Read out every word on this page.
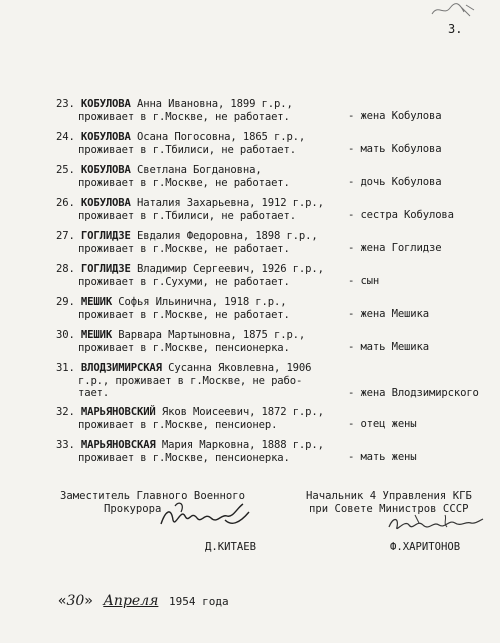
3.
23. КОБУЛОВА Анна Ивановна, 1899 г.р.,
проживает в г.Москве, не работает.	- жена Кобулова
24. КОБУЛОВА Осана Погосовна, 1865 г.р.,
проживает в г.Тбилиси, не работает.	- мать Кобулова
25. КОБУЛОВА Светлана Богдановна,
проживает в г.Москве, не работает.	- дочь Кобулова
26. КОБУЛОВА Наталия Захарьевна, 1912 г.р.,
проживает в г.Тбилиси, не работает.	- сестра Кобулова
27. ГОГЛИДЗЕ Евдалия Федоровна, 1898 г.р.,
проживает в г.Москве, не работает.	- жена Гоглидзе
28. ГОГЛИДЗЕ Владимир Сергеевич, 1926 г.р.,
проживает в г.Сухуми, не работает.	- сын
29. МЕШИК Софья Ильинична, 1918 г.р.,
проживает в г.Москве, не работает.	- жена Мешика
30. МЕШИК Варвара Мартыновна, 1875 г.р.,
проживает в г.Москве, пенсионерка.	- мать Мешика
31. ВЛОДЗИМИРСКАЯ Сусанна Яковлевна, 1906
г.р., проживает в г.Москве, не рабо-
тает.	- жена Влодзимирского
32. МАРЬЯНОВСКИЙ Яков Моисеевич, 1872 г.р.,
проживает в г.Москве, пенсионер.	- отец жены
33. МАРЬЯНОВСКАЯ Мария Марковна, 1888 г.р.,
проживает в г.Москве, пенсионерка.	- мать жены
Заместитель Главного Военного
Прокурора
Д.КИТАЕВ
Начальник 4 Управления КГБ
при Совете Министров СССР
Ф.ХАРИТОНОВ
«30» Апреля 1954 года
